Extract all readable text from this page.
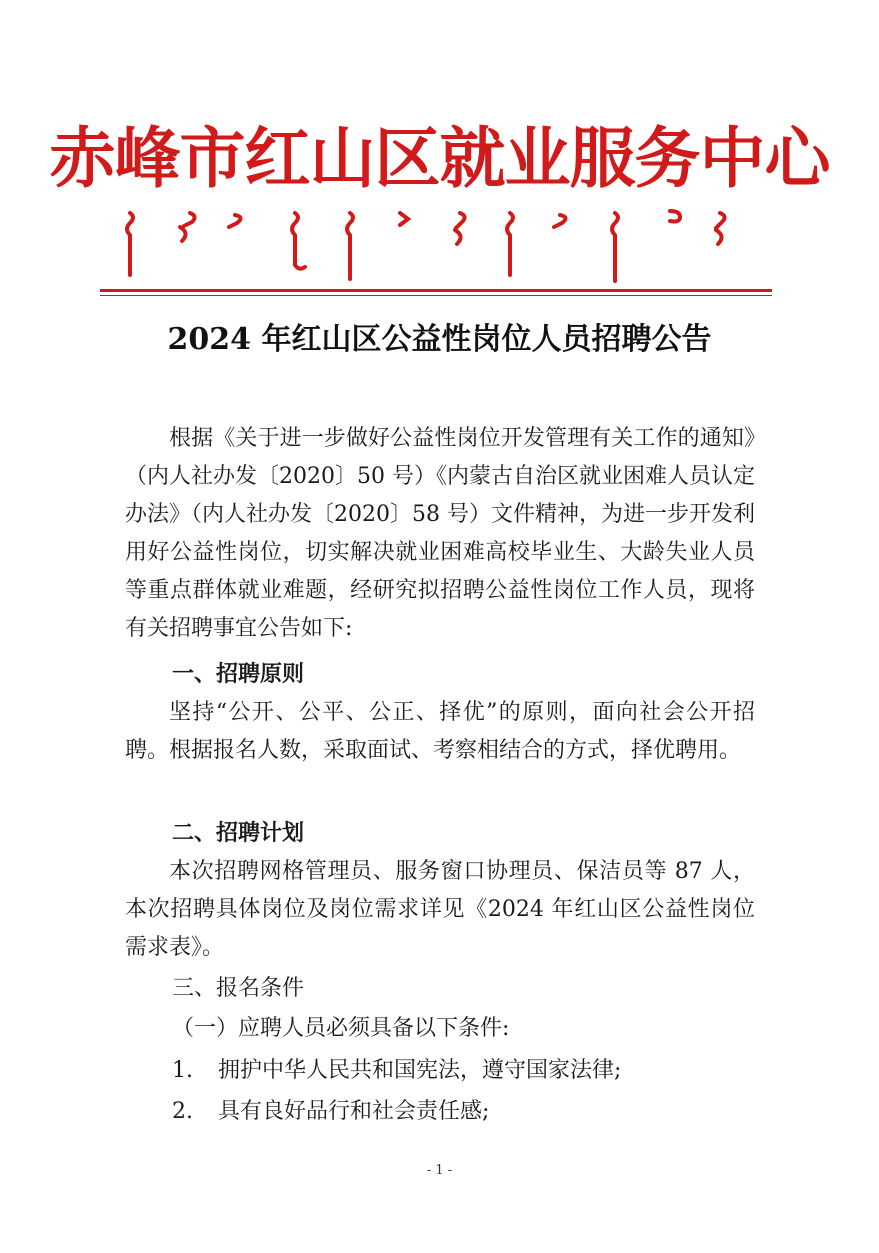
赤峰市红山区就业服务中心
2024 年红山区公益性岗位人员招聘公告
根据《关于进一步做好公益性岗位开发管理有关工作的通知》（内人社办发〔2020〕50 号）《内蒙古自治区就业困难人员认定办法》（内人社办发〔2020〕58 号）文件精神，为进一步开发利用好公益性岗位，切实解决就业困难高校毕业生、大龄失业人员等重点群体就业难题，经研究拟招聘公益性岗位工作人员，现将有关招聘事宜公告如下:
一、招聘原则
坚持“公开、公平、公正、择优”的原则，面向社会公开招聘。根据报名人数，采取面试、考察相结合的方式，择优聘用。
二、招聘计划
本次招聘网格管理员、服务窗口协理员、保洁员等 87 人，本次招聘具体岗位及岗位需求详见《2024 年红山区公益性岗位需求表》。
三、报名条件
（一）应聘人员必须具备以下条件:
1. 拥护中华人民共和国宪法，遵守国家法律;
2. 具有良好品行和社会责任感;
- 1 -
